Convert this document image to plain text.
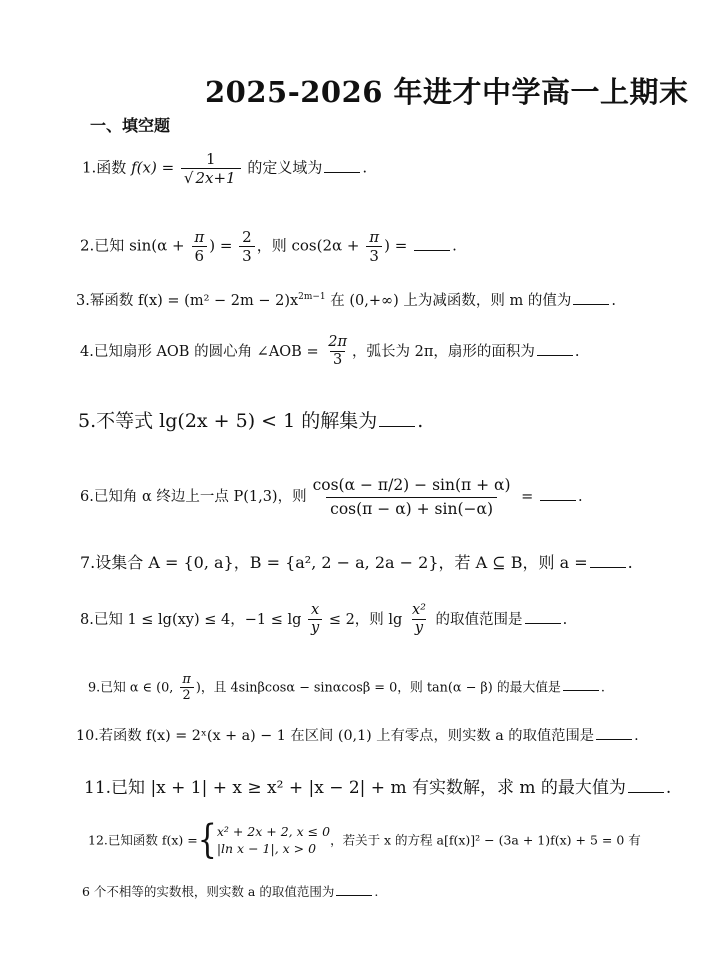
2025-2026 年进才中学高一上期末
一、填空题
1.函数 $f(x) = \frac{1}{√ 2x+1}$ 的定义域为	.
2.已知 $\sin(\alpha + \frac{\pi}{6}$ ) = $\frac{2}{3}$ ，则 $\cos(2\alpha + \frac{\pi}{3}$ ) =	.
3.幂函数 $f(x) = (m^2 - 2m - 2)x^{2m-1}$ 在 (0,+∞) 上为减函数，则 m 的值为	.
4.已知扇形 AOB 的圆心角 ∠AOB = $\frac{2\pi}{3}$ ，弧长为 2π，扇形的面积为	.
5.不等式 lg(2x + 5) < 1 的解集为 .
6.已知角 α 终边上一点 P(1,3)，则 $\frac{\cos(\alpha - \pi/2) - \sin(\pi + \alpha)}{\cos(\pi - \alpha) + \sin(-\alpha)}$ =	.
7.设集合 A = {0, a}，B = {a², 2 − a, 2a − 2}，若 A ⊆ B，则 a =	.
8.已知 1 ≤ lg(xy) ≤ 4，$-1 \le \lg \frac{x}{y} \le 2$，则 $\lg \frac{\text{x²}}{y}$ 的取值范围是	.
9.已知 α ∈ (0, $\frac{\pi}{2}$ )，且 4sinβcosα − sinαcosβ = 0，则 tan(α − β) 的最大值是	.
10.若函数 f(x) = 2ˣ(x + a) − 1 在区间 (0,1) 上有零点，则实数 a 的取值范围是	.
11.已知 |x + 1| + x ≥ x² + |x − 2| + m 有实数解，求 m 的最大值为 .
12.已知函数 f(x) ={ x² + 2x + 2, x ≤ 0
|ln x − 1|, x > 0
，若关于 x 的方程 a[f(x)]² − (3a + 1)f(x) + 5 = 0 有
6 个不相等的实数根，则实数 a 的取值范围为	.
